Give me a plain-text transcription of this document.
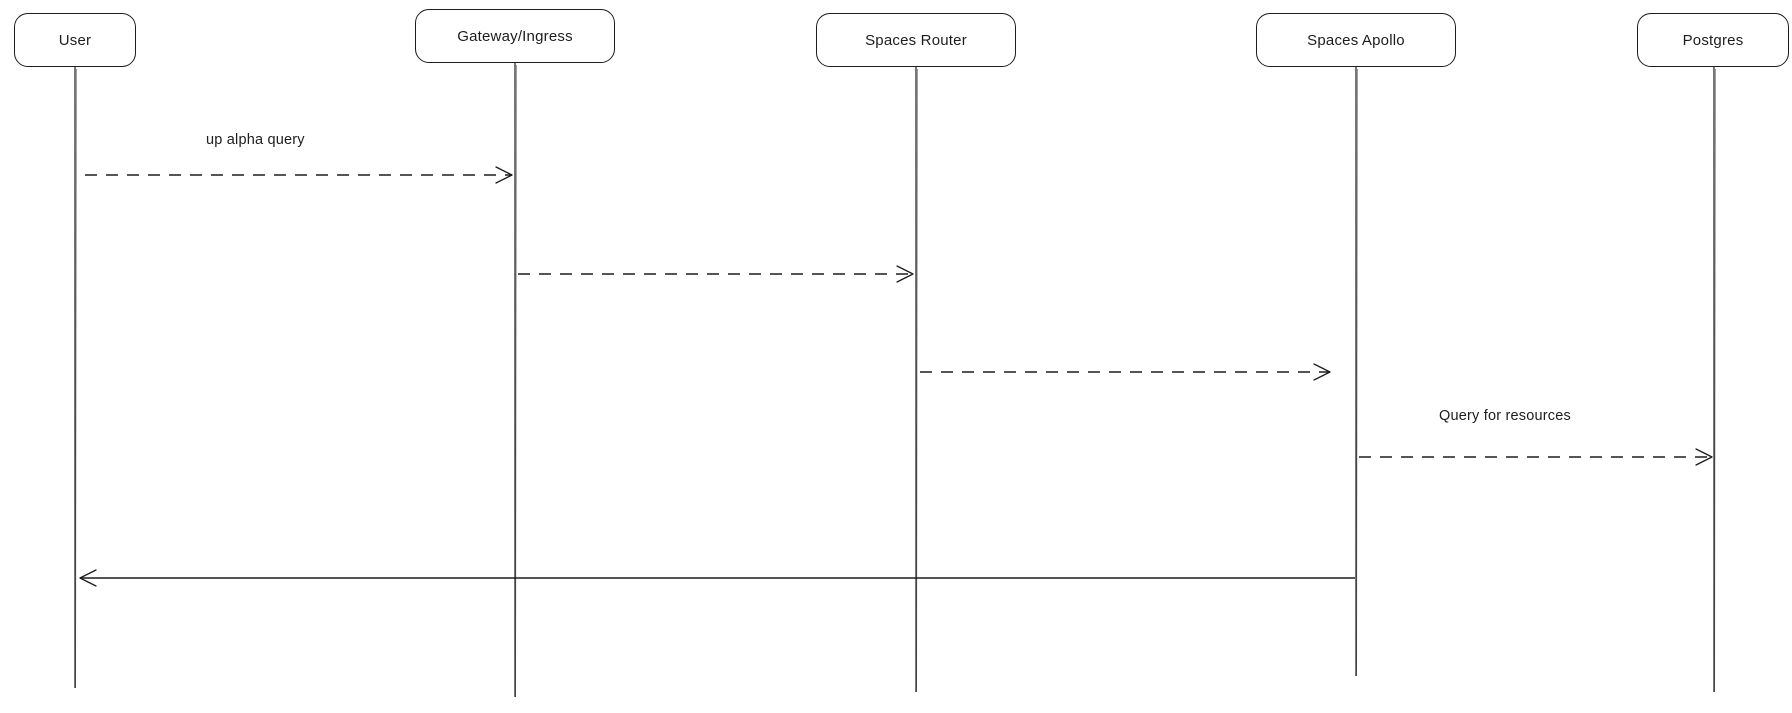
User	Gateway/Ingress	Spaces Router	Spaces Apollo	Postgres
up alpha query
Query for resources
